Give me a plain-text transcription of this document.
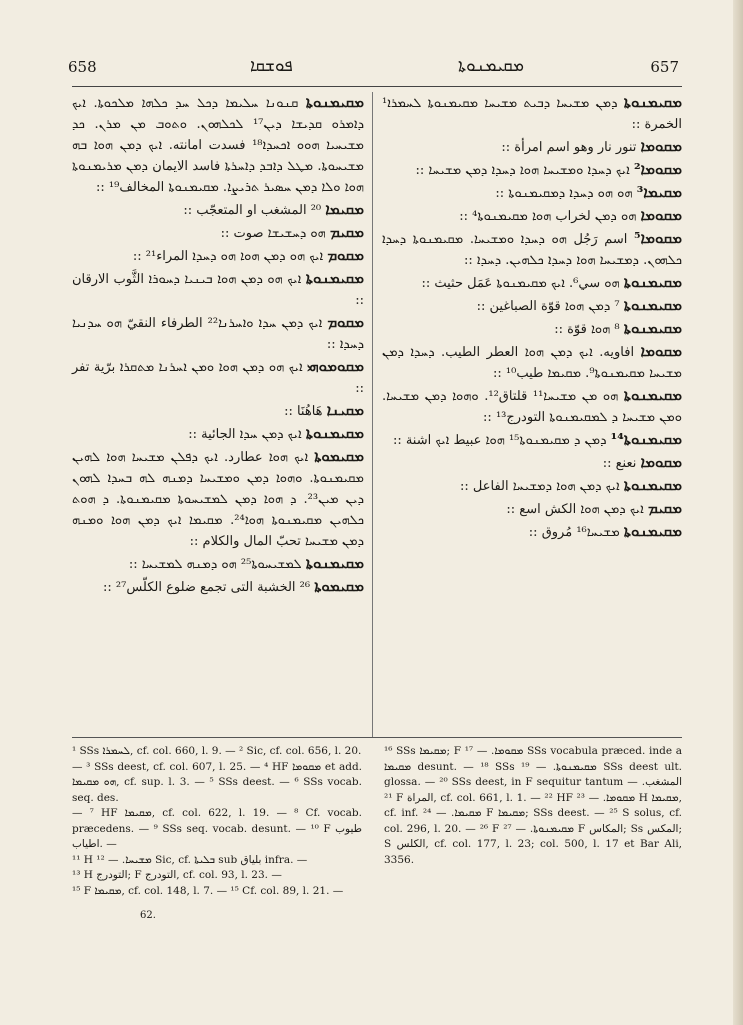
658	ܦܘܫܩܐ	ܡܩܝܡܢܘܬܐ	657

ܡܩܝܡܢܘܬܐ ܩܢܘܢܐ ܚܠܝܡܐ ܕܟܠ ܚܕ ܟܠܗܐ ܡܠܟܘܬܐ. ܐܝܟ ܕܐܡܪܘ ܩܕܝܫܐ ܕܝܢ¹⁷ ܠܟܠܗܘܢ. ܘܬܘܒ ܡܢ ܡܪܢ. ܟܕ ܡܫܝܚܝܐ ܗܘܘ ܐܟܚܕܐ¹⁸ فسدت امانته. ܐܝܟ ܕܡܢ ܗܘܐ ܒܗ ܡܫܝܚܘܬܐ. ܡܛܠ ܕܐܒܕ ܕܐܚܪܬܐ فاسد الايمان ܕܡܢ ܡܪܝܡܢܘܬܐ ܗܘܐ ܘܠܐ ܕܡܢ ܚܣܝܪ ܬܪܝܨܐ. ܡܩܝܡܢܘܬܐ المخالف¹⁹ ::

ܡܩܝܡܐ ²⁰ المشغب او المتعجّب ::

ܡܩܝܡ ܗܘ ܕܚܫܝܫܐ صوت ::

ܡܩܘܡ ܐܝܟ ܗܘ ܕܡܢ ܗܘܐ ܗܘ ܕܚܕܐ المراء²¹ ::

ܡܩܝܡܢܘܬܐ ܐܝܟ ܗܘ ܕܡܢ ܗܘܐ ܒܝܢܝܐ ܕܚܘܪܐ الثَّوب الارقان ::

ܡܩܘܡ ܐܝܟ ܕܡܢ ܚܕܐ ܘܐܚܪܢܐ²² الطرفاء النقيّ ܗܘ ܚܕܢܝܐ ܕܚܕܐ ::

ܡܩܘܡܘܗܝ ܐܝܟ ܗܘ ܕܡܢ ܗܘܐ ܘܡܢ ܐܚܪܢܐ ܡܬܩܪܐ برّية تفر ::

ܡܩܝܢܐ هَاهُنَا ::

ܡܩܝܡܢܘܬܐ ܐܝܟ ܕܡܢ ܚܕܐ الجائية ::

ܡܩܝܡܘܬܐ ܐܝܟ ܗܘܐ عطارد. ܐܝܟ ܕܦܠܢ ܡܫܝܚܐ ܗܘܐ ܠܗܝܢ ܡܩܝܡܢܘܬܐ. ܘܗܘܐ ܕܡܢ ܘܡܫܝܚܐ ܕܡܢܗ ܠܗ ܒܚܕܐ ܠܗܘܢ ܕܝܢ ܡܝܢ²³. ܕ ܗܘܐ ܕܡܢ ܠܡܫܝܚܘܬܐ ܡܩܝܡܢܘܬܐ. ܕ ܗܘܬ ܟܠܗܝܢ ܡܩܝܡܢܘܬܐ ܗܘܐ²⁴. ܡܩܝܡܐ ܐܝܟ ܕܡܢ ܗܘܐ ܘܡܢܗ ܕܡܢ ܡܫܝܚܐ تحبّ المال والكلام ::

ܡܩܝܡܢܘܬܐ ܠܡܫܝܚܘܬܐ²⁵ ܗܘ ܕܡܢܗ ܠܡܫܝܚܐ ::

ܡܩܝܡܘܬܐ ²⁶ الخشبة التى تجمع ضلوع الكلّس²⁷ ::

ܡܩܝܡܢܘܬܐ ܕܡܢ ܡܫܝܚܐ ܕܒܝܬ ܡܫܝܚܐ ܡܩܝܡܢܘܬܐ ܠܚܡܪܐ¹ الخمرة ::

ܡܩܘܡܐ تنور نار وهو اسم امرأة ::

ܡܩܘܡܐ² ܐܝܟ ܕܚܕܐ ܘܡܫܝܚܐ ܗܘܐ ܕܚܕܐ ܕܡܢ ܡܫܝܚܐ ::

ܡܩܝܡܐ³ ܗܘ ܗܘ ܕܚܕܐ ܕܡܩܝܡܢܘܬܐ ::

ܡܩܘܡܐ ܗܘ ܕܡܢ لخراب ܗܘܐ ܡܩܝܡܢܘܬܐ⁴ ::

ܡܩܘܡܐ⁵ اسم رَجُل ܗܘ ܕܚܕܐ ܘܡܫܝܚܐ. ܡܩܝܡܢܘܬܐ ܕܚܕܐ ܟܠܗܘܢ. ܕܡܫܝܚܐ ܗܘܐ ܕܚܕܐ ܟܠܗܝܢ. ܕܚܕܐ ::

ܡܩܝܡܢܘܬܐ ܗܘ سي⁶. ܐܝܟ ܡܩܝܡܢܘܬܐ عَمَل حثيث ::

ܡܩܝܡܢܘܬܐ ⁷ ܕܡܢ ܗܘܐ قوّة الصباغين ::

ܡܩܝܡܢܘܬܐ ⁸ ܗܘܐ قوّة ::

ܡܩܘܡܐ افاويه. ܐܝܟ ܕܡܢ ܗܘܐ العطر الطيب. ܕܚܕܐ ܕܡܢ ܡܫܝܚܐ ܡܩܝܡܢܘܬܐ⁹. ܡܩܝܡܐ طيب¹⁰ ::

ܡܩܝܡܢܘܬܐ ܗܘ ܡܢ ܡܫܝܚܐ¹¹ قلتاق¹². ܘܗܘܐ ܕܡܢ ܡܫܝܚܐ. ܘܡܢ ܡܫܝܚܐ ܕ ܠܡܩܝܡܢܘܬܐ التودرج¹³ ::

ܡܩܝܡܢܘܬܐ¹⁴ ܕܡܢ ܕ ܡܩܝܡܢܘܬܐ¹⁵ ܗܘܐ عبيط ܐܝܟ اشنة ::

ܡܩܘܡܐ نعنع ::

ܡܩܝܡܢܘܬܐ ܐܝܟ ܕܡܢ ܗܘܐ ܕܡܫܝܚܐ الفاعل ::

ܡܩܝܡ ܐܝܟ ܕܡܢ ܗܘܐ الكش اسع ::

ܡܩܝܡܢܘܬܐ ܡܫܝܚܐ¹⁶ مُروق ::

¹ SSs ܠܚܡܪܐ, cf. col. 660, l. 9. — ² Sic, cf. col. 656, l. 20.
— ³ SSs deest, cf. col. 607, l. 25. — ⁴ HF ܡܩܘܡܐ et add. ܗܘ ܡܩܝܡܐ, cf. sup. l. 3. — ⁵ SSs deest. — ⁶ SSs vocab. seq. des.
— ⁷ HF ܡܩܝܡܐ, cf. col. 622, l. 19. — ⁸ Cf. vocab. præcedens. — ⁹ SSs seq. vocab. desunt. — ¹⁰ F طيوب اطياب. —
¹¹ H ܡܫܝܚܐ. — ¹² Sic, cf. ܒܠܝܬܐ sub بلياق infra. —
¹³ H التودرج; F التودرج, cf. col. 93, l. 23. —
¹⁵ F ܡܩܝܡܐ, cf. col. 148, l. 7. — ¹⁵ Cf. col. 89, l. 21. —
¹⁶ SSs ܡܩܝܡܐ; F ܡܩܘܡܐ. — ¹⁷ SSs vocabula præced. inde a ܡܩܝܡܐ desunt. — ¹⁸ SSs ܡܩܝܡܢܘܬܐ. — ¹⁹ SSs deest ult. glossa. — ²⁰ SSs deest, in F sequitur tantum المشغب. — ²¹ F المراة, cf. col. 661, l. 1. — ²² HF ܡܩܘܡܐ. — ²³ H ܡܩܝܡܐ, cf. inf. ܡܩܝܡܐ. — ²⁴ F ܡܩܝܡܐ; SSs deest. — ²⁵ S solus, cf. col. 296, l. 20. — ²⁶ F ܡܩܝܡܢܘܬܐ. — ²⁷ F المكاس; Ss المكس; S الكلس, cf. col. 177, l. 23; col. 500, l. 17 et Bar Ali, 3356.
62.
